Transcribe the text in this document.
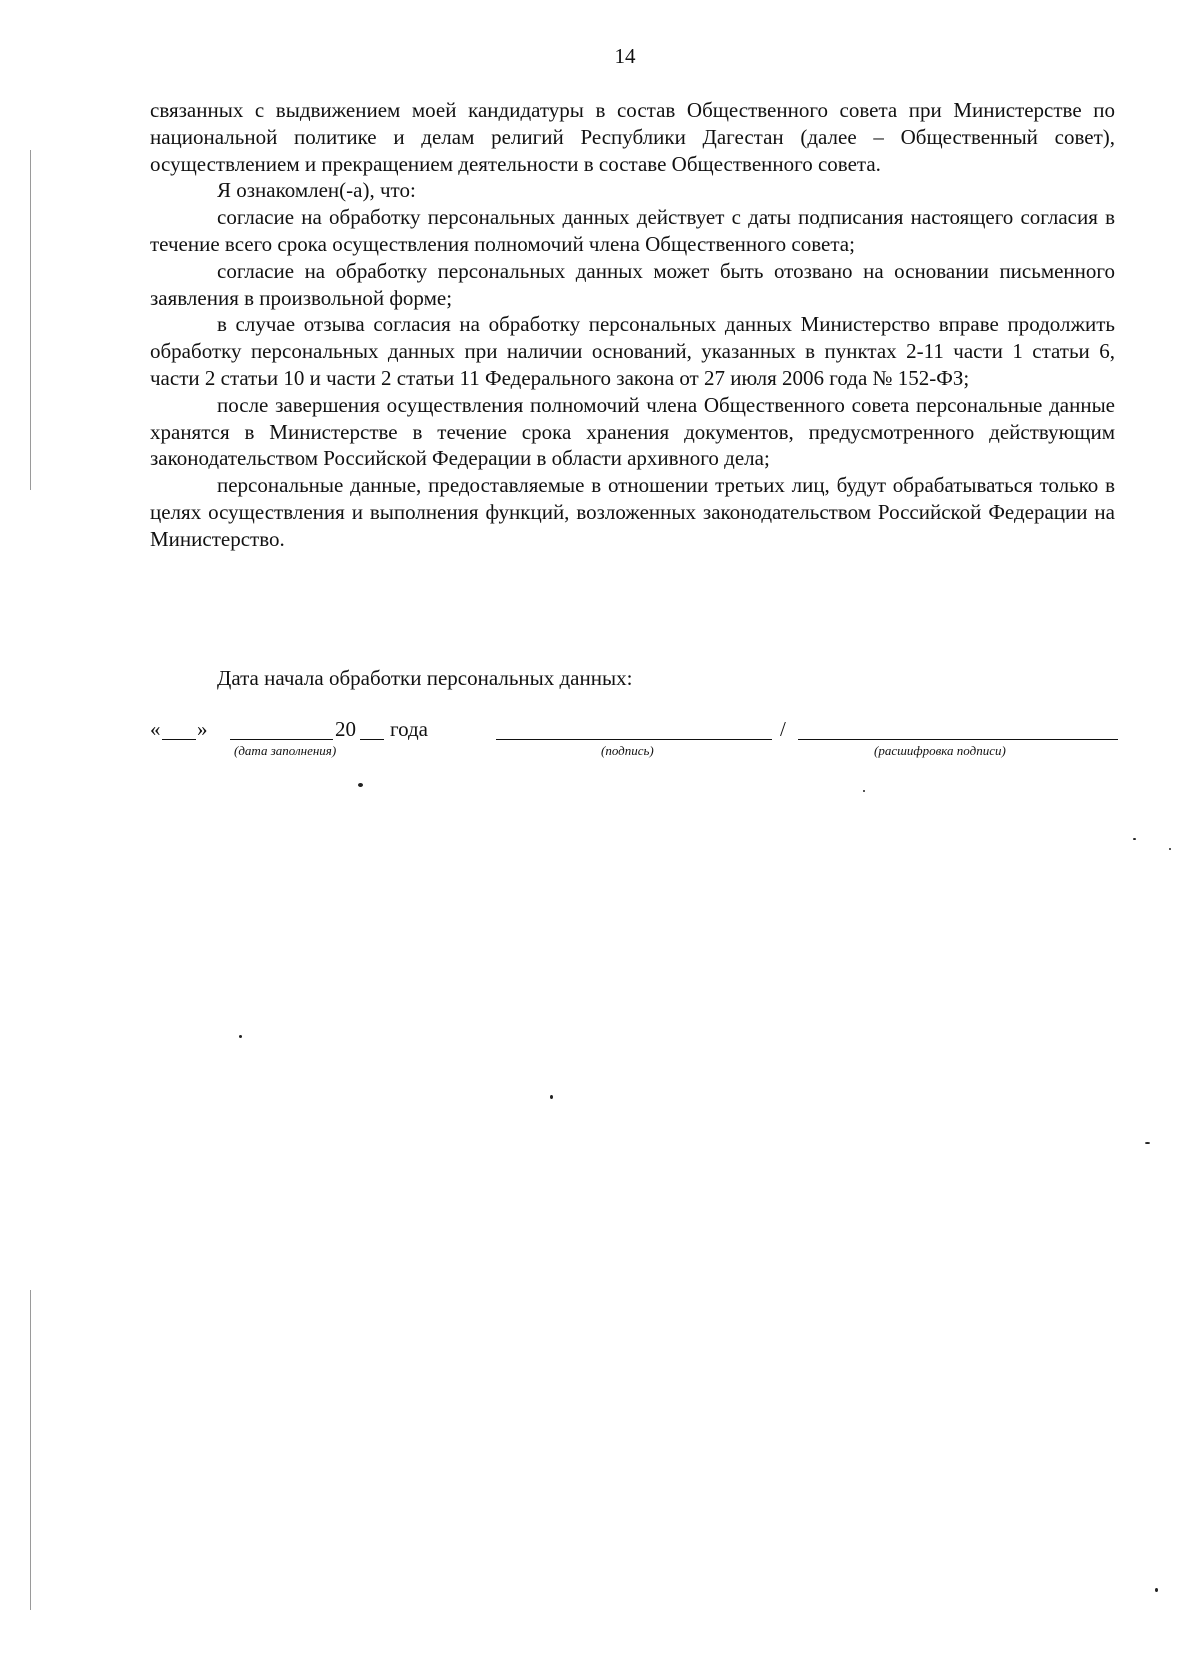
14

связанных с выдвижением моей кандидатуры в состав Общественного совета при Министерстве по национальной политике и делам религий Республики Дагестан (далее – Общественный совет), осуществлением и прекращением деятельности в составе Общественного совета.

Я ознакомлен(-а), что:

согласие на обработку персональных данных действует с даты подписания настоящего согласия в течение всего срока осуществления полномочий члена Общественного совета;

согласие на обработку персональных данных может быть отозвано на основании письменного заявления в произвольной форме;

в случае отзыва согласия на обработку персональных данных Министерство вправе продолжить обработку персональных данных при наличии оснований, указанных в пунктах 2-11 части 1 статьи 6, части 2 статьи 10 и части 2 статьи 11 Федерального закона от 27 июля 2006 года № 152-ФЗ;

после завершения осуществления полномочий члена Общественного совета персональные данные хранятся в Министерстве в течение срока хранения документов, предусмотренного действующим законодательством Российской Федерации в области архивного дела;

персональные данные, предоставляемые в отношении третьих лиц, будут обрабатываться только в целях осуществления и выполнения функций, возложенных законодательством Российской Федерации на Министерство.

Дата начала обработки персональных данных:
« »	20 года	/
(дата заполнения)	(подпись)	(расшифровка подписи)
